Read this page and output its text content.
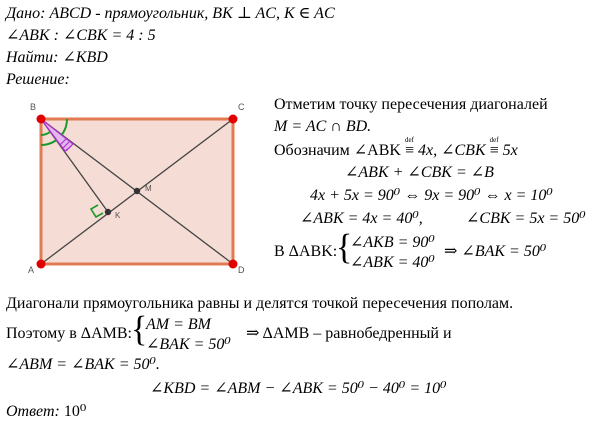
Дано: ABCD - прямоугольник, BK ⊥ AC, K ∈ AC
∠ABK : ∠CBK = 4 : 5
Найти: ∠KBD
Решение:
B	C
A	D
M
K
Отметим точку пересечения диагоналей
M = AC ∩ BD.
Обозначим ∠ABK
def
≡ 4x, ∠CBK
def
≡ 5x
∠ABK + ∠CBK = ∠B
4x + 5x = 90⁰ ⇔ 9x = 90⁰ ⇔ x = 10⁰
∠ABK = 4x = 40⁰,	∠CBK = 5x = 50⁰
В ΔABK:
{
∠AKB = 90⁰
∠ABK = 40⁰
⇒ ∠BAK = 50⁰
Диагонали прямоугольника равны и делятся точкой пересечения пополам.
Поэтому в ΔAMB: {
AM = BM
∠BAK = 50⁰
⇒ ΔAMB – равнобедренный и
∠ABM = ∠BAK = 50⁰.
∠KBD = ∠ABM − ∠ABK = 50⁰ − 40⁰ = 10⁰
Ответ: 10⁰
